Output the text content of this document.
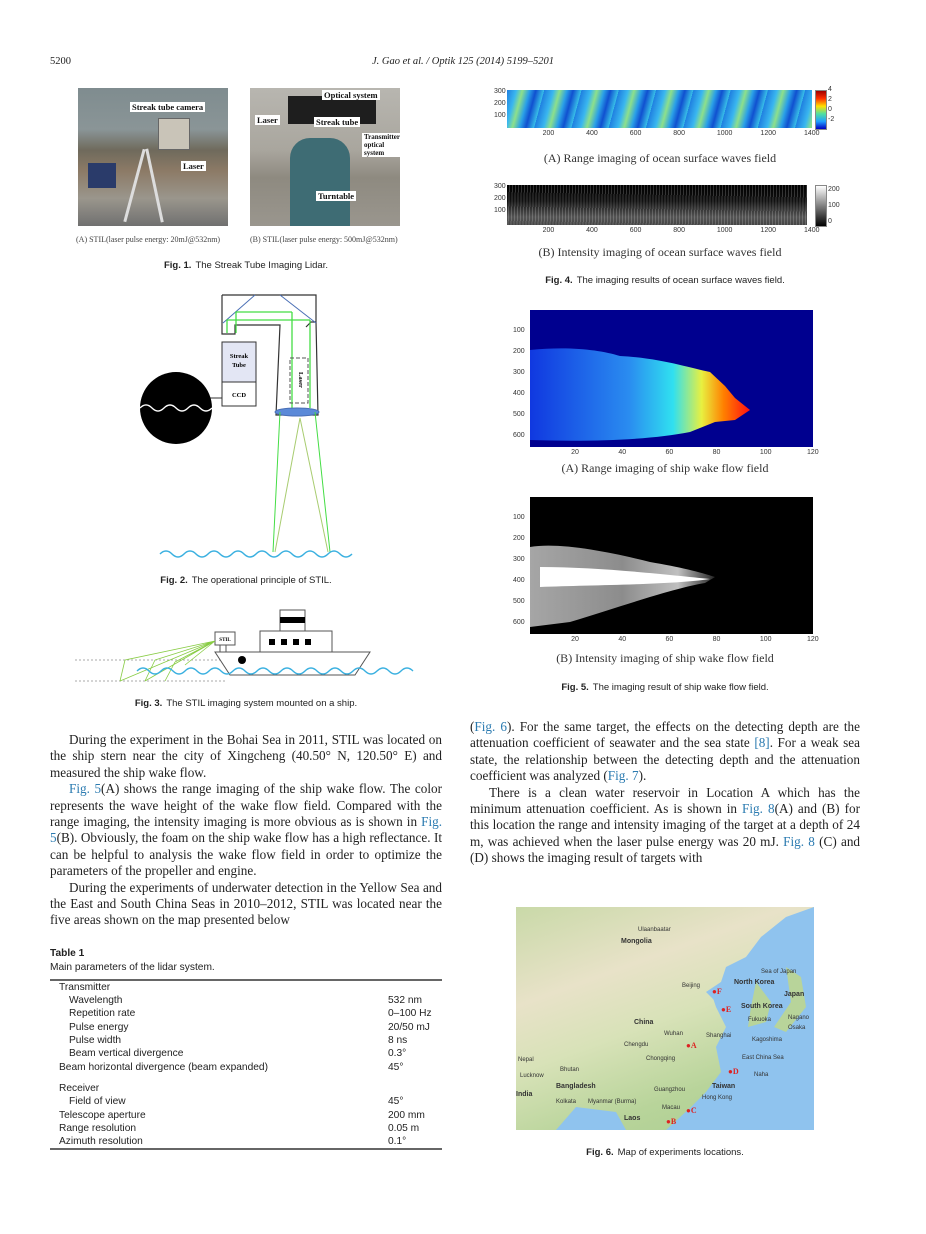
5200	J. Gao et al. / Optik 125 (2014) 5199–5201
Streak tube camera
Laser
Optical system
Laser	Streak tube
Transmitter optical system
Turntable
(A) STIL(laser pulse energy: 20mJ@532nm)	(B) STIL(laser pulse energy: 500mJ@532nm)
Fig. 1. The Streak Tube Imaging Lidar.
Streak
Tube
CCD
Laser
Fig. 2. The operational principle of STIL.
STIL
Fig. 3. The STIL imaging system mounted on a ship.

During the experiment in the Bohai Sea in 2011, STIL was located on the ship stern near the city of Xingcheng (40.50° N, 120.50° E) and measured the ship wake flow.

Fig. 5(A) shows the range imaging of the ship wake flow. The color represents the wave height of the wake flow field. Compared with the range imaging, the intensity imaging is more obvious as is shown in Fig. 5(B). Obviously, the foam on the ship wake flow has a high reflectance. It can be helpful to analysis the wake flow field in order to optimize the parameters of the propeller and engine.

During the experiments of underwater detection in the Yellow Sea and the East and South China Seas in 2010–2012, STIL was located near the five areas shown on the map presented below

Table 1
Main parameters of the lidar system.
Transmitter	
Wavelength	532 nm
Repetition rate	0–100 Hz
Pulse energy	20/50 mJ
Pulse width	8 ns
Beam vertical divergence	0.3°
Beam horizontal divergence (beam expanded)	45°
Receiver	
Field of view	45°
Telescope aperture	200 mm
Range resolution	0.05 m
Azimuth resolution	0.1°
200
200
400
400
600
600
800
800
1000
1000
1200
1200
1400
1400
300
300
200
200
100
100
4
2
0
-2
200
100
0
(A) Range imaging of ocean surface waves field
(B) Intensity imaging of ocean surface waves field
Fig. 4. The imaging results of ocean surface waves field.
20
20
40
40
60
60
80
80
100
100
120
120
100
100
200
200
300
300
400
400
500
500
600
600
(A) Range imaging of ship wake flow field
(B) Intensity imaging of ship wake flow field
Fig. 5. The imaging result of ship wake flow field.

(Fig. 6). For the same target, the effects on the detecting depth are the attenuation coefficient of seawater and the sea state [8]. For a weak sea state, the relationship between the detecting depth and the attenuation coefficient was analyzed (Fig. 7).

There is a clean water reservoir in Location A which has the minimum attenuation coefficient. As is shown in Fig. 8(A) and (B) for this location the range and intensity imaging of the target at a depth of 24 m, was achieved when the laser pulse energy was 20 mJ. Fig. 8 (C) and (D) shows the imaging result of targets with

Ulaanbaatar
Mongolia
Beijing	North Korea
South Korea
Japan
Sea of Japan
China
Chengdu
Chongqing
Wuhan	Shanghai
East China Sea
Taiwan
Guangzhou
Hong Kong
Macau
Bangladesh
Myanmar (Burma)
Laos
Nepal
Bhutan
Kolkata
Lucknow
India
Nagano
Osaka
Fukuoka
Kagoshima
Naha
●A
●B
●C
●D
●E
●F
Fig. 6. Map of experiments locations.
